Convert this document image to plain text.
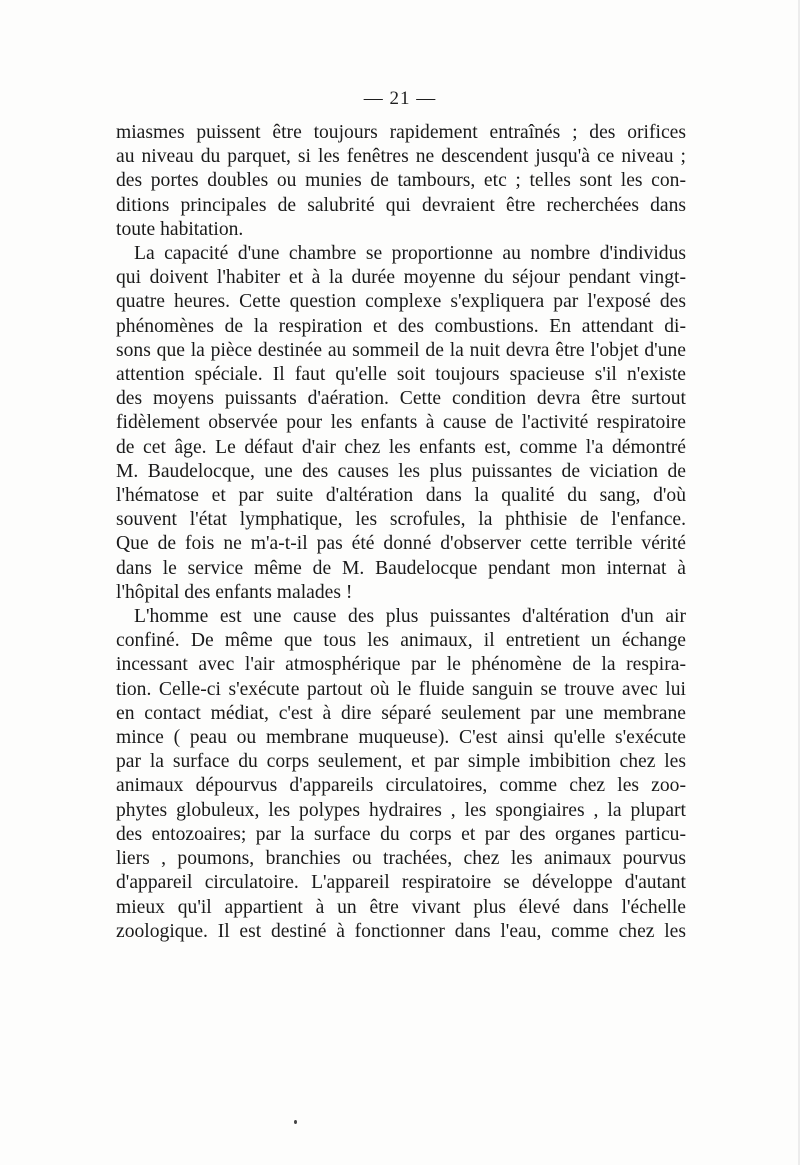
— 21 —
miasmes puissent être toujours rapidement entraînés ; des orifices
au niveau du parquet, si les fenêtres ne descendent jusqu'à ce niveau ;
des portes doubles ou munies de tambours, etc ; telles sont les con-
ditions principales de salubrité qui devraient être recherchées dans
toute habitation.
La capacité d'une chambre se proportionne au nombre d'individus
qui doivent l'habiter et à la durée moyenne du séjour pendant vingt-
quatre heures. Cette question complexe s'expliquera par l'exposé des
phénomènes de la respiration et des combustions. En attendant di-
sons que la pièce destinée au sommeil de la nuit devra être l'objet d'une
attention spéciale. Il faut qu'elle soit toujours spacieuse s'il n'existe
des moyens puissants d'aération. Cette condition devra être surtout
fidèlement observée pour les enfants à cause de l'activité respiratoire
de cet âge. Le défaut d'air chez les enfants est, comme l'a démontré
M. Baudelocque, une des causes les plus puissantes de viciation de
l'hématose et par suite d'altération dans la qualité du sang, d'où
souvent l'état lymphatique, les scrofules, la phthisie de l'enfance.
Que de fois ne m'a-t-il pas été donné d'observer cette terrible vérité
dans le service même de M. Baudelocque pendant mon internat à
l'hôpital des enfants malades !
L'homme est une cause des plus puissantes d'altération d'un air
confiné. De même que tous les animaux, il entretient un échange
incessant avec l'air atmosphérique par le phénomène de la respira-
tion. Celle-ci s'exécute partout où le fluide sanguin se trouve avec lui
en contact médiat, c'est à dire séparé seulement par une membrane
mince ( peau ou membrane muqueuse). C'est ainsi qu'elle s'exécute
par la surface du corps seulement, et par simple imbibition chez les
animaux dépourvus d'appareils circulatoires, comme chez les zoo-
phytes globuleux, les polypes hydraires , les spongiaires , la plupart
des entozoaires; par la surface du corps et par des organes particu-
liers , poumons, branchies ou trachées, chez les animaux pourvus
d'appareil circulatoire. L'appareil respiratoire se développe d'autant
mieux qu'il appartient à un être vivant plus élevé dans l'échelle
zoologique. Il est destiné à fonctionner dans l'eau, comme chez les
